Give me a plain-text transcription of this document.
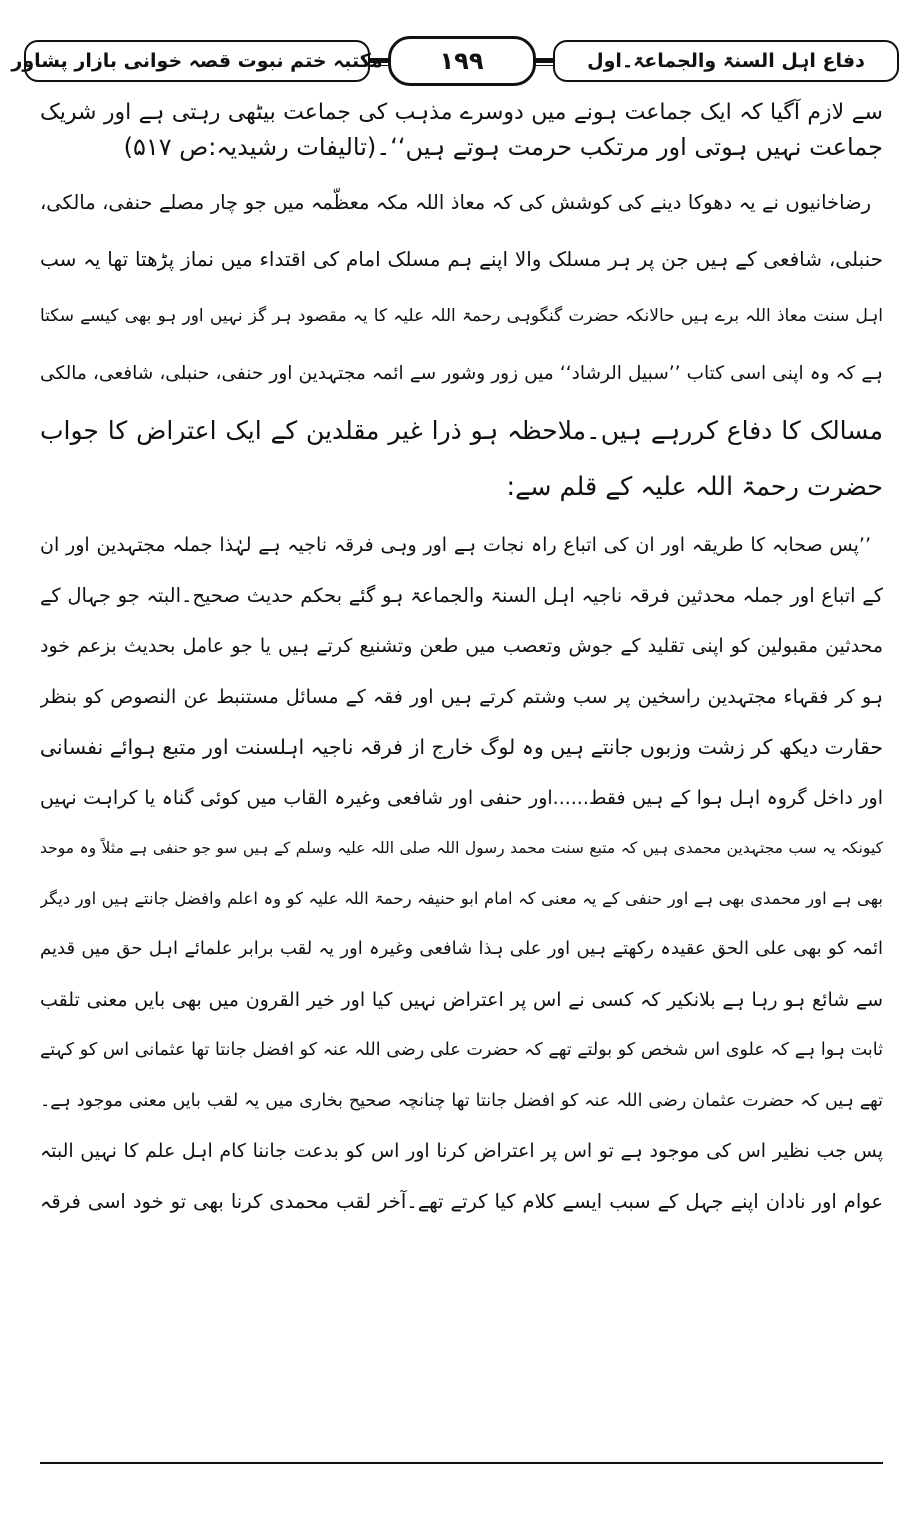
دفاع اہل السنۃ والجماعۃ۔اول
۱۹۹
مکتبہ ختم نبوت قصہ خوانی بازار پشاور
سے لازم آگیا کہ ایک جماعت ہونے میں دوسرے مذہب کی جماعت بیٹھی رہتی ہے اور شریک
جماعت نہیں ہوتی اور مرتکب حرمت ہوتے ہیں‘‘۔(تالیفات رشیدیہ:ص ۵۱۷)
رضاخانیوں نے یہ دھوکا دینے کی کوشش کی کہ معاذ اللہ مکہ معظّمہ میں جو چار مصلے حنفی، مالکی،
حنبلی، شافعی کے ہیں جن پر ہر مسلک والا اپنے ہم مسلک امام کی اقتداء میں نماز پڑھتا تھا یہ سب
اہل سنت معاذ اللہ برے ہیں حالانکہ حضرت گنگوہی رحمۃ اللہ علیہ کا یہ مقصود ہر گز نہیں اور ہو بھی کیسے سکتا
ہے کہ وہ اپنی اسی کتاب ’’سبیل الرشاد‘‘ میں زور وشور سے ائمہ مجتہدین اور حنفی، حنبلی، شافعی، مالکی
مسالک کا دفاع کررہے ہیں۔ملاحظہ ہو ذرا غیر مقلدین کے ایک اعتراض کا جواب
حضرت رحمۃ اللہ علیہ کے قلم سے:
’’پس صحابہ کا طریقہ اور ان کی اتباع راہ نجات ہے اور وہی فرقہ ناجیہ ہے لہٰذا جملہ مجتہدین اور ان
کے اتباع اور جملہ محدثین فرقہ ناجیہ اہل السنۃ والجماعۃ ہو گئے بحکم حدیث صحیح۔البتہ جو جہال کے
محدثین مقبولین کو اپنی تقلید کے جوش وتعصب میں طعن وتشنیع کرتے ہیں یا جو عامل بحدیث بزعم خود
ہو کر فقہاء مجتہدین راسخین پر سب وشتم کرتے ہیں اور فقہ کے مسائل مستنبط عن النصوص کو بنظر
حقارت دیکھ کر زشت وزبوں جانتے ہیں وہ لوگ خارج از فرقہ ناجیہ اہلسنت اور متبع ہوائے نفسانی
اور داخل گروہ اہل ہوا کے ہیں فقط......اور حنفی اور شافعی وغیرہ القاب میں کوئی گناہ یا کراہت نہیں
کیونکہ یہ سب مجتہدین محمدی ہیں کہ متبع سنت محمد رسول اللہ صلی اللہ علیہ وسلم کے ہیں سو جو حنفی ہے مثلاً وہ موحد
بھی ہے اور محمدی بھی ہے اور حنفی کے یہ معنی کہ امام ابو حنیفہ رحمۃ اللہ علیہ کو وہ اعلم وافضل جانتے ہیں اور دیگر
ائمہ کو بھی علی الحق عقیدہ رکھتے ہیں اور علی ہذا شافعی وغیرہ اور یہ لقب برابر علمائے اہل حق میں قدیم
سے شائع ہو رہا ہے بلانکیر کہ کسی نے اس پر اعتراض نہیں کیا اور خیر القرون میں بھی بایں معنی تلقب
ثابت ہوا ہے کہ علوی اس شخص کو بولتے تھے کہ حضرت علی رضی اللہ عنہ کو افضل جانتا تھا عثمانی اس کو کہتے
تھے ہیں کہ حضرت عثمان رضی اللہ عنہ کو افضل جانتا تھا چنانچہ صحیح بخاری میں یہ لقب بایں معنی موجود ہے۔
پس جب نظیر اس کی موجود ہے تو اس پر اعتراض کرنا اور اس کو بدعت جاننا کام اہل علم کا نہیں البتہ
عوام اور نادان اپنے جہل کے سبب ایسے کلام کیا کرتے تھے۔آخر لقب محمدی کرنا بھی تو خود اسی فرقہ
